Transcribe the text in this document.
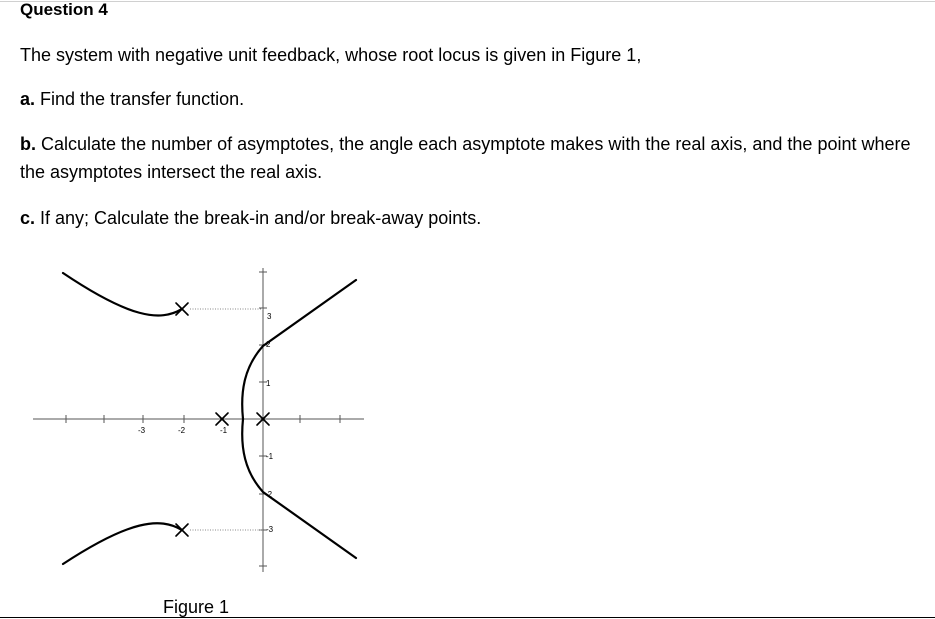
Question 4
The system with negative unit feedback, whose root locus is given in Figure 1,
a. Find the transfer function.
b. Calculate the number of asymptotes, the angle each asymptote makes with the real axis, and the point where the asymptotes intersect the real axis.
c. If any; Calculate the break-in and/or break-away points.
-3	-2	-1
3
2
1
-1
-2
-3
Figure 1
